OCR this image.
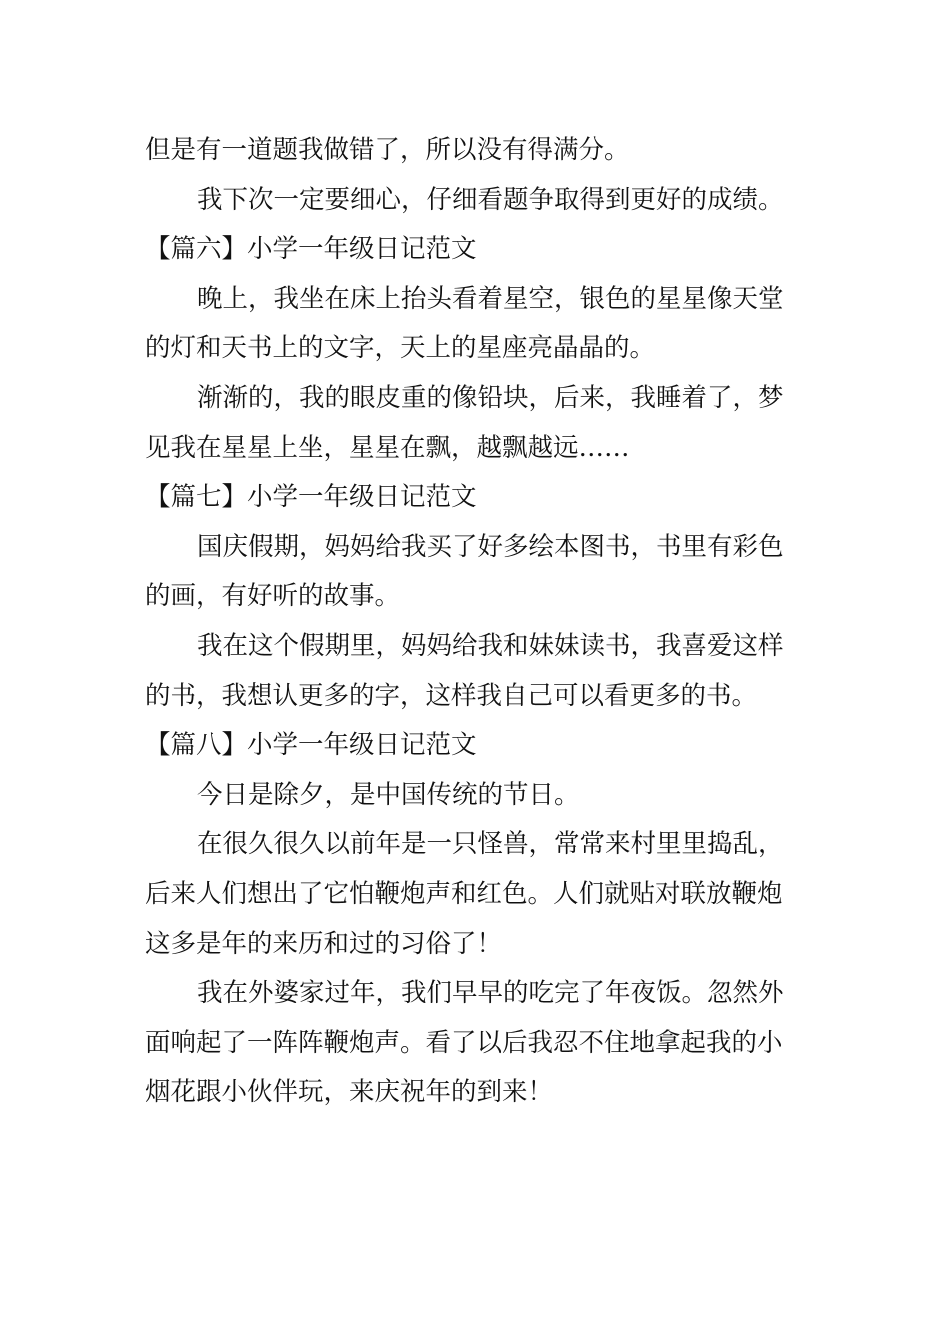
但是有一道题我做错了，所以没有得满分。
我下次一定要细心，仔细看题争取得到更好的成绩。
【篇六】小学一年级日记范文
晚上，我坐在床上抬头看着星空，银色的星星像天堂
的灯和天书上的文字，天上的星座亮晶晶的。
渐渐的，我的眼皮重的像铅块，后来，我睡着了，梦
见我在星星上坐，星星在飘，越飘越远……
【篇七】小学一年级日记范文
国庆假期，妈妈给我买了好多绘本图书，书里有彩色
的画，有好听的故事。
我在这个假期里，妈妈给我和妹妹读书，我喜爱这样
的书，我想认更多的字，这样我自己可以看更多的书。
【篇八】小学一年级日记范文
今日是除夕，是中国传统的节日。
在很久很久以前年是一只怪兽，常常来村里里捣乱，
后来人们想出了它怕鞭炮声和红色。人们就贴对联放鞭炮
这多是年的来历和过的习俗了！
我在外婆家过年，我们早早的吃完了年夜饭。忽然外
面响起了一阵阵鞭炮声。看了以后我忍不住地拿起我的小
烟花跟小伙伴玩，来庆祝年的到来！
